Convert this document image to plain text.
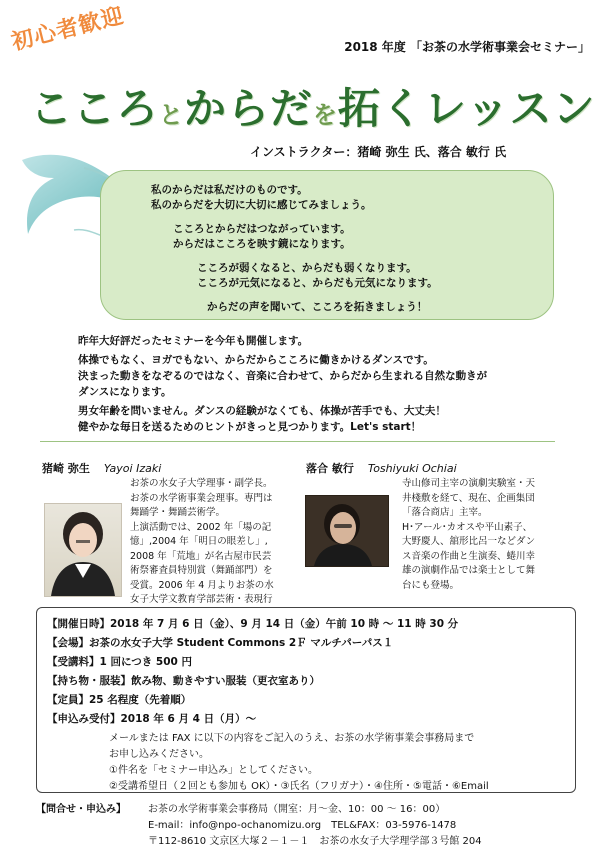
初心者歓迎	2018 年度 「お茶の水学術事業会セミナー」
こころとからだを拓くレッスン
インストラクター：猪崎 弥生 氏、落合 敏行 氏

私のからだは私だけのものです。

私のからだを大切に大切に感じてみましょう。

こころとからだはつながっています。

からだはこころを映す鏡になります。

こころが弱くなると、からだも弱くなります。

こころが元気になると、からだも元気になります。

からだの声を聞いて、こころを拓きましょう！

昨年大好評だったセミナーを今年も開催します。

体操でもなく、ヨガでもない、からだからこころに働きかけるダンスです。

決まった動きをなぞるのではなく、音楽に合わせて、からだから生まれる自然な動きが

ダンスになります。

男女年齢を問いません。ダンスの経験がなくても、体操が苦手でも、大丈夫！

健やかな毎日を送るためのヒントがきっと見つかります。Let's start！

猪崎 弥生 Yayoi Izaki
お茶の水女子大学理事・副学長。
お茶の水学術事業会理事。専門は
舞踊学・舞踊芸術学。
上演活動では、2002 年「場の記
憶」,2004 年「明日の眼差し」,
2008 年「荒地」が名古屋市民芸
術祭審査員特別賞（舞踊部門）を
受賞。2006 年 4 月よりお茶の水
女子大学文教育学部芸術・表現行
落合 敏行 Toshiyuki Ochiai
寺山修司主宰の演劇実験室・天
井棧敷を経て、現在、企画集団
「落合商店」主宰。
H･アール･カオスや平山素子、
大野慶人、舘形比呂一などダン
ス音楽の作曲と生演奏、蜷川幸
雄の演劇作品では楽士として舞
台にも登場。
【開催日時】2018 年 7 月 6 日（金）、9 月 14 日（金）午前 10 時 ～ 11 時 30 分
【会場】お茶の水女子大学 Student Commons 2Ｆ マルチパーパス１
【受講料】1 回につき 500 円
【持ち物・服装】飲み物、動きやすい服装（更衣室あり）
【定員】25 名程度（先着順）
【申込み受付】2018 年 6 月 4 日（月）～
メールまたは FAX に以下の内容をご記入のうえ、お茶の水学術事業会事務局まで
お申し込みください。
①件名を「セミナー申込み」としてください。
②受講希望日（２回とも参加も OK）・③氏名（フリガナ）・④住所・⑤電話・⑥Email
【問合せ・申込み】 お茶の水学術事業会事務局（開室：月～金、10：00 ～ 16：00）
E-mail：info@npo-ochanomizu.org　TEL&FAX：03-5976-1478
〒112-8610 文京区大塚２－１－１　お茶の水女子大学理学部３号館 204
